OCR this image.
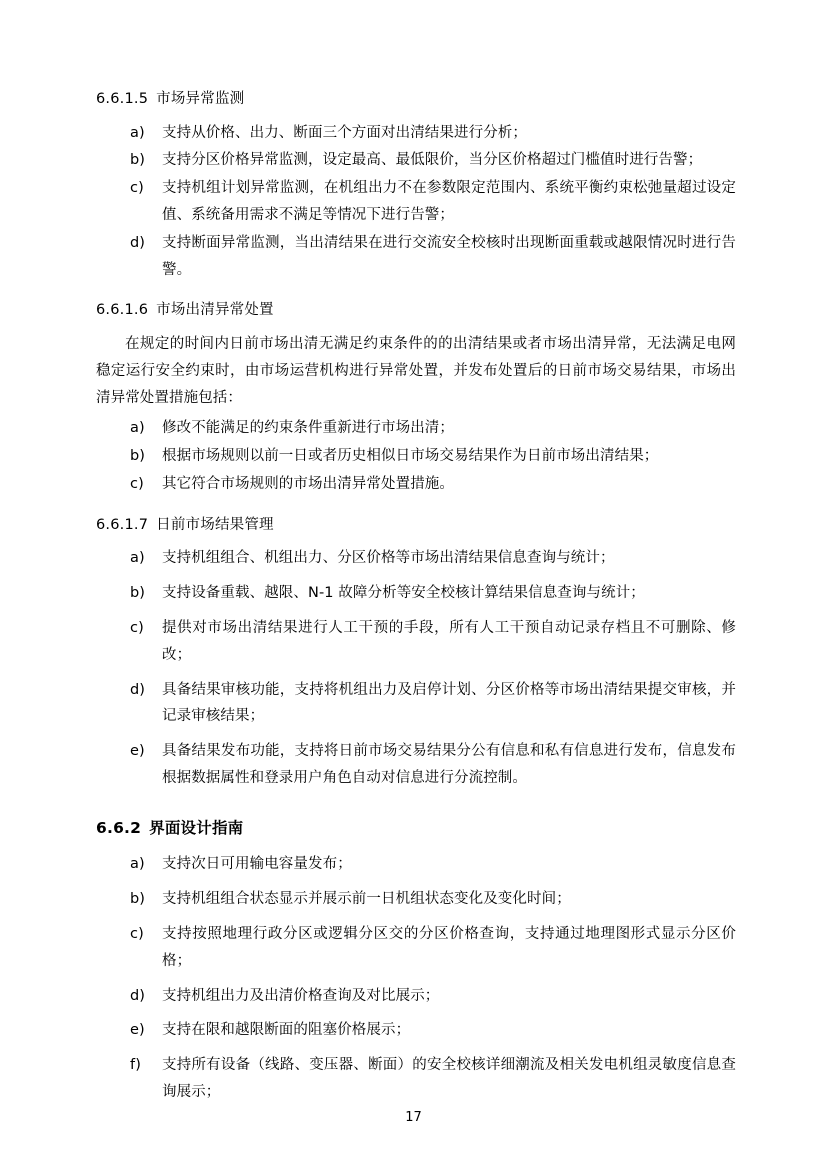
6.6.1.5 市场异常监测
a)	支持从价格、出力、断面三个方面对出清结果进行分析；
b)	支持分区价格异常监测，设定最高、最低限价，当分区价格超过门槛值时进行告警；
c)	支持机组计划异常监测，在机组出力不在参数限定范围内、系统平衡约束松弛量超过设定值、系统备用需求不满足等情况下进行告警；
d)	支持断面异常监测，当出清结果在进行交流安全校核时出现断面重载或越限情况时进行告警。
6.6.1.6 市场出清异常处置

在规定的时间内日前市场出清无满足约束条件的的出清结果或者市场出清异常，无法满足电网稳定运行安全约束时，由市场运营机构进行异常处置，并发布处置后的日前市场交易结果，市场出清异常处置措施包括：

a)	修改不能满足的约束条件重新进行市场出清；
b)	根据市场规则以前一日或者历史相似日市场交易结果作为日前市场出清结果；
c)	其它符合市场规则的市场出清异常处置措施。
6.6.1.7 日前市场结果管理
a)	支持机组组合、机组出力、分区价格等市场出清结果信息查询与统计；
b)	支持设备重载、越限、N-1 故障分析等安全校核计算结果信息查询与统计；
c)	提供对市场出清结果进行人工干预的手段，所有人工干预自动记录存档且不可删除、修改；
d)	具备结果审核功能，支持将机组出力及启停计划、分区价格等市场出清结果提交审核，并记录审核结果；
e)	具备结果发布功能，支持将日前市场交易结果分公有信息和私有信息进行发布，信息发布根据数据属性和登录用户角色自动对信息进行分流控制。
6.6.2 界面设计指南
a)	支持次日可用输电容量发布；
b)	支持机组组合状态显示并展示前一日机组状态变化及变化时间；
c)	支持按照地理行政分区或逻辑分区交的分区价格查询，支持通过地理图形式显示分区价格；
d)	支持机组出力及出清价格查询及对比展示；
e)	支持在限和越限断面的阻塞价格展示；
f)	支持所有设备（线路、变压器、断面）的安全校核详细潮流及相关发电机组灵敏度信息查询展示；
17
